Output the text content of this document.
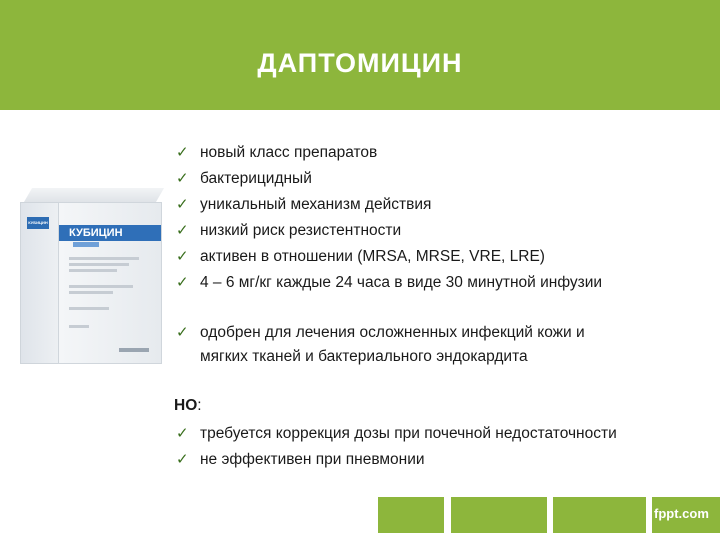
ДАПТОМИЦИН
КУБИЦИН
КУБИЦИН
✓ новый класс препаратов
✓ бактерицидный
✓ уникальный механизм действия
✓ низкий риск резистентности
✓ активен в отношении (MRSA, MRSE, VRE, LRE)
✓ 4 – 6 мг/кг каждые 24 часа в виде 30 минутной инфузии
✓ одобрен для лечения осложненных инфекций кожи и
мягких тканей и бактериального эндокардита
НО:
✓ требуется коррекция дозы при почечной недостаточности
✓ не эффективен при пневмонии
fppt.com
